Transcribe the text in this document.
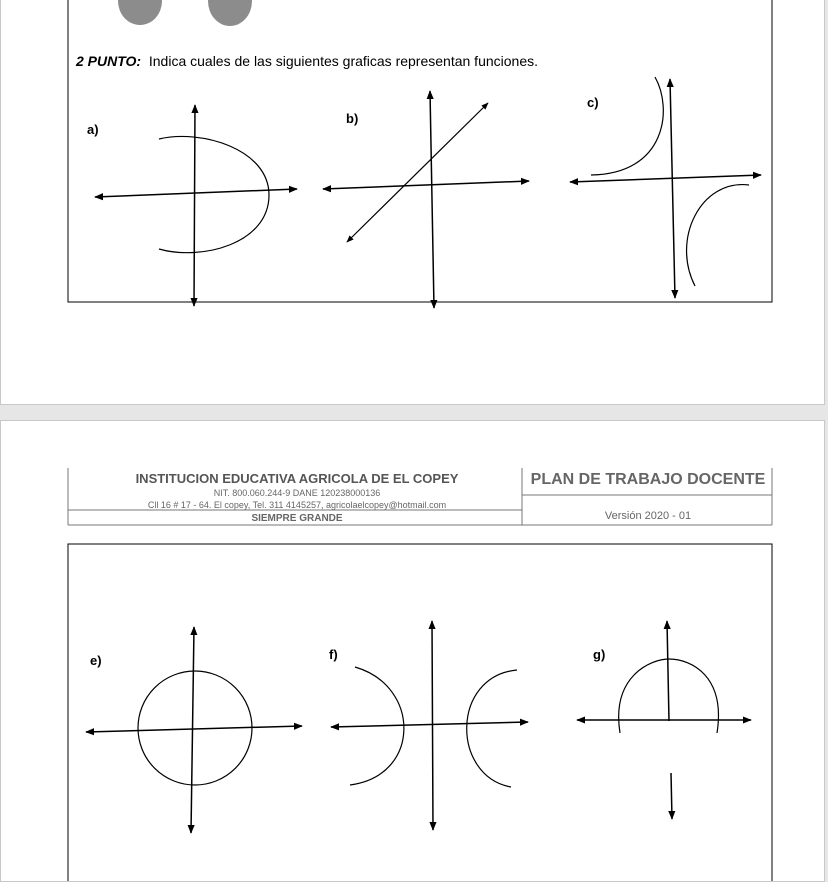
2 PUNTO: Indica cuales de las siguientes graficas representan funciones.
a)
b)
c)
INSTITUCION EDUCATIVA AGRICOLA DE EL COPEY
NIT. 800.060.244-9 DANE 120238000136
Cll 16 # 17 - 64. El copey, Tel. 311 4145257, agricolaelcopey@hotmail.com
SIEMPRE GRANDE
PLAN DE TRABAJO DOCENTE
Versión 2020 - 01
e)	f)	g)
